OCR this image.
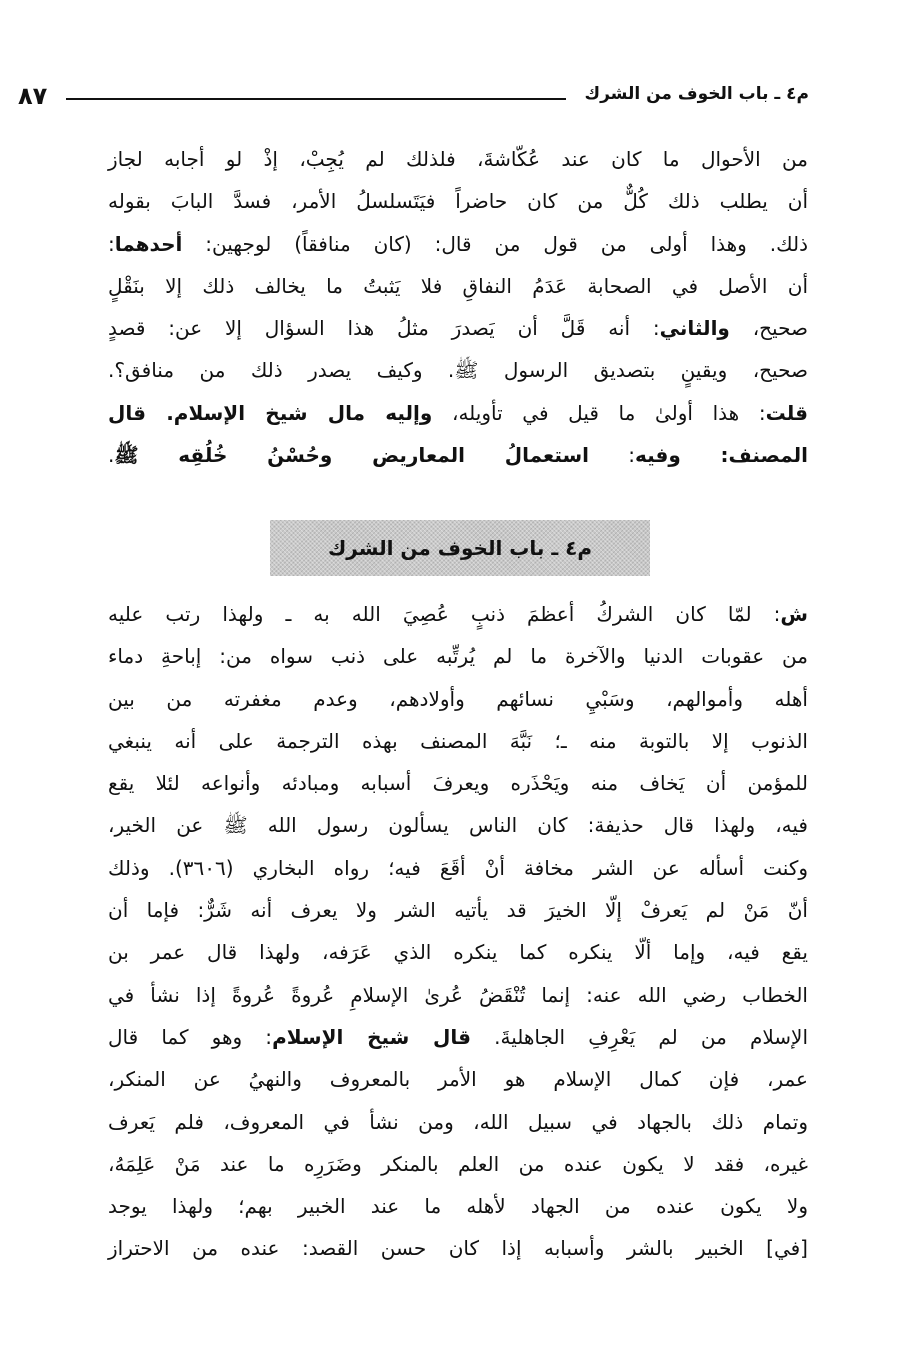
٨٧	م٤ ـ باب الخوف من الشرك
من الأحوال ما كان عند عُكّاشةَ، فلذلك لم يُجِبْ، إذْ لو أجابه لجاز
أن يطلب ذلك كُلٌّ من كان حاضراً فيَتَسلسلُ الأمر، فسدَّ البابَ بقوله
ذلك. وهذا أولى من قول من قال: (كان منافقاً) لوجهين: أحدهما:
أن الأصل في الصحابة عَدَمُ النفاقِ فلا يَثبتُ ما يخالف ذلك إلا بنَقْلٍ
صحيح، والثاني: أنه قَلَّ أن يَصدرَ مثلُ هذا السؤال إلا عن: قصدٍ
صحيح، ويقينٍ بتصديق الرسول ﷺ. وكيف يصدر ذلك من منافق؟.
قلت: هذا أولىٰ ما قيل في تأويله، وإليه مال شيخ الإسلام. قال
المصنف: وفيه: استعمالُ المعاريض وحُسْنُ خُلُقِه ﷺ.
م٤ ـ باب الخوف من الشرك
ش: لمّا كان الشركُ أعظمَ ذنبٍ عُصِيَ الله به ـ ولهذا رتب عليه
من عقوبات الدنيا والآخرة ما لم يُرتِّبه على ذنب سواه من: إباحةِ دماء
أهله وأموالهم، وسَبْيِ نسائهم وأولادهم، وعدم مغفرته من بين
الذنوب إلا بالتوبة منه ـ؛ نَبَّهَ المصنف بهذه الترجمة على أنه ينبغي
للمؤمن أن يَخاف منه ويَحْذَره ويعرفَ أسبابه ومبادئه وأنواعه لئلا يقع
فيه، ولهذا قال حذيفة: كان الناس يسألون رسول الله ﷺ عن الخير،
وكنت أسأله عن الشر مخافة أنْ أقَعَ فيه؛ رواه البخاري (٣٦٠٦). وذلك
أنّ مَنْ لم يَعرفْ إلّا الخيرَ قد يأتيه الشر ولا يعرف أنه شَرٌّ: فإما أن
يقع فيه، وإما ألّا ينكره كما ينكره الذي عَرَفه، ولهذا قال عمر بن
الخطاب رضي الله عنه: إنما تُنْقَضُ عُرىٰ الإسلامِ عُروةً عُروةً إذا نشأ في
الإسلام من لم يَعْرِفِ الجاهليةَ. قال شيخ الإسلام: وهو كما قال
عمر، فإن كمال الإسلام هو الأمر بالمعروف والنهيُ عن المنكر،
وتمام ذلك بالجهاد في سبيل الله، ومن نشأ في المعروف، فلم يَعرف
غيره، فقد لا يكون عنده من العلم بالمنكر وضَرَرِه ما عند مَنْ عَلِمَهُ،
ولا يكون عنده من الجهاد لأهله ما عند الخبير بهم؛ ولهذا يوجد
[في] الخبير بالشر وأسبابه إذا كان حسن القصد: عنده من الاحتراز
